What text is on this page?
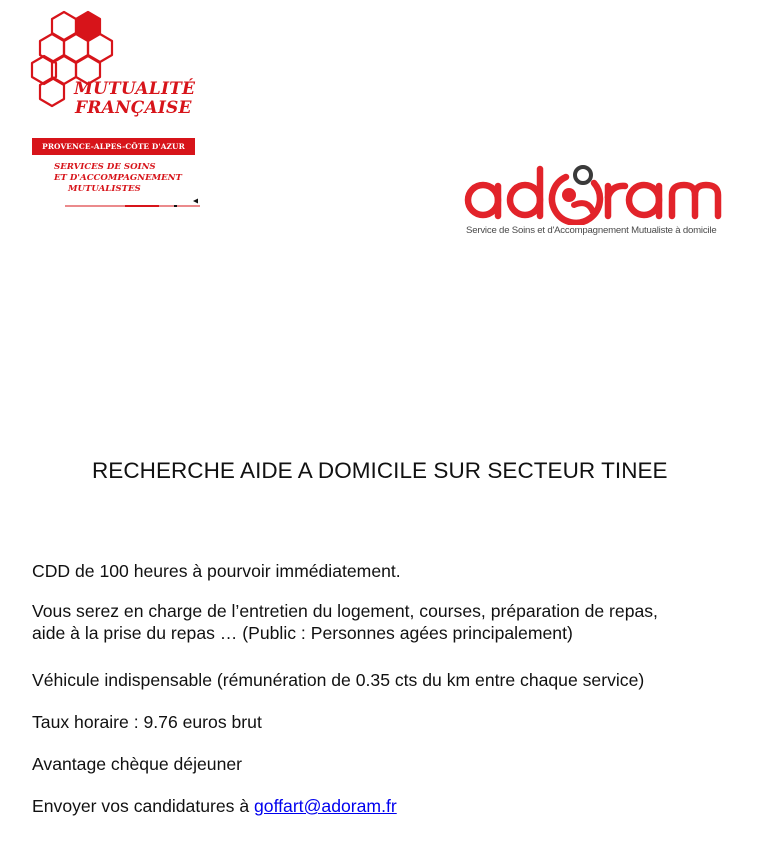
MUTUALITÉ
FRANÇAISE
PROVENCE-ALPES-CÔTE D'AZUR
SERVICES DE SOINS
ET D'ACCOMPAGNEMENT
MUTUALISTES
Service de Soins et d'Accompagnement Mutualiste à domicile
RECHERCHE AIDE A DOMICILE SUR SECTEUR TINEE

CDD de 100 heures à pourvoir immédiatement.

Vous serez en charge de l’entretien du logement, courses, préparation de repas,
aide à la prise du repas … (Public : Personnes agées principalement)

Véhicule indispensable (rémunération de 0.35 cts du km entre chaque service)

Taux horaire : 9.76 euros brut

Avantage chèque déjeuner

Envoyer vos candidatures à goffart@adoram.fr
